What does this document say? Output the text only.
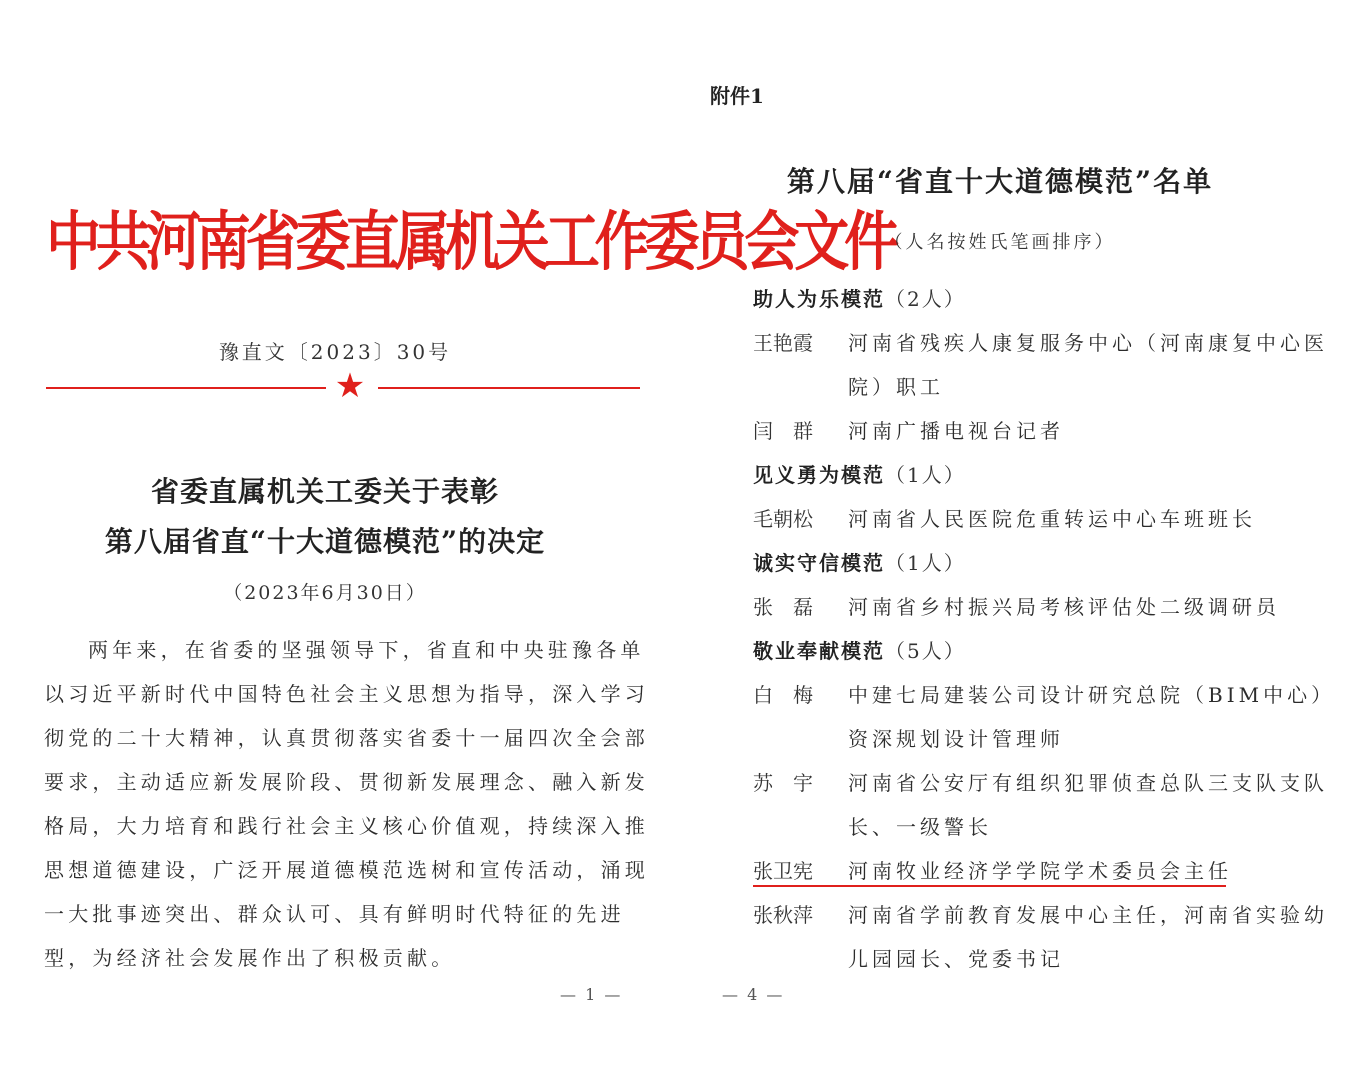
中共河南省委直属机关工作委员会文件
豫直文〔2023〕30号
★
省委直属机关工委关于表彰
第八届省直“十大道德模范”的决定
（2023年6月30日）
两年来，在省委的坚强领导下，省直和中央驻豫各单
以习近平新时代中国特色社会主义思想为指导，深入学习
彻党的二十大精神，认真贯彻落实省委十一届四次全会部
要求，主动适应新发展阶段、贯彻新发展理念、融入新发
格局，大力培育和践行社会主义核心价值观，持续深入推
思想道德建设，广泛开展道德模范选树和宣传活动，涌现
一大批事迹突出、群众认可、具有鲜明时代特征的先进
型，为经济社会发展作出了积极贡献。
— 1 —
附件1
第八届“省直十大道德模范”名单
（人名按姓氏笔画排序）
助人为乐模范（2人）
王艳霞	河南省残疾人康复服务中心（河南康复中心医
院）职工
闫　群	河南广播电视台记者
见义勇为模范（1人）
毛朝松	河南省人民医院危重转运中心车班班长
诚实守信模范（1人）
张　磊	河南省乡村振兴局考核评估处二级调研员
敬业奉献模范（5人）
白　梅	中建七局建装公司设计研究总院（BIM中心）
资深规划设计管理师
苏　宇	河南省公安厅有组织犯罪侦查总队三支队支队
长、一级警长
张卫宪	河南牧业经济学学院学术委员会主任
张秋萍	河南省学前教育发展中心主任，河南省实验幼
儿园园长、党委书记
— 4 —
